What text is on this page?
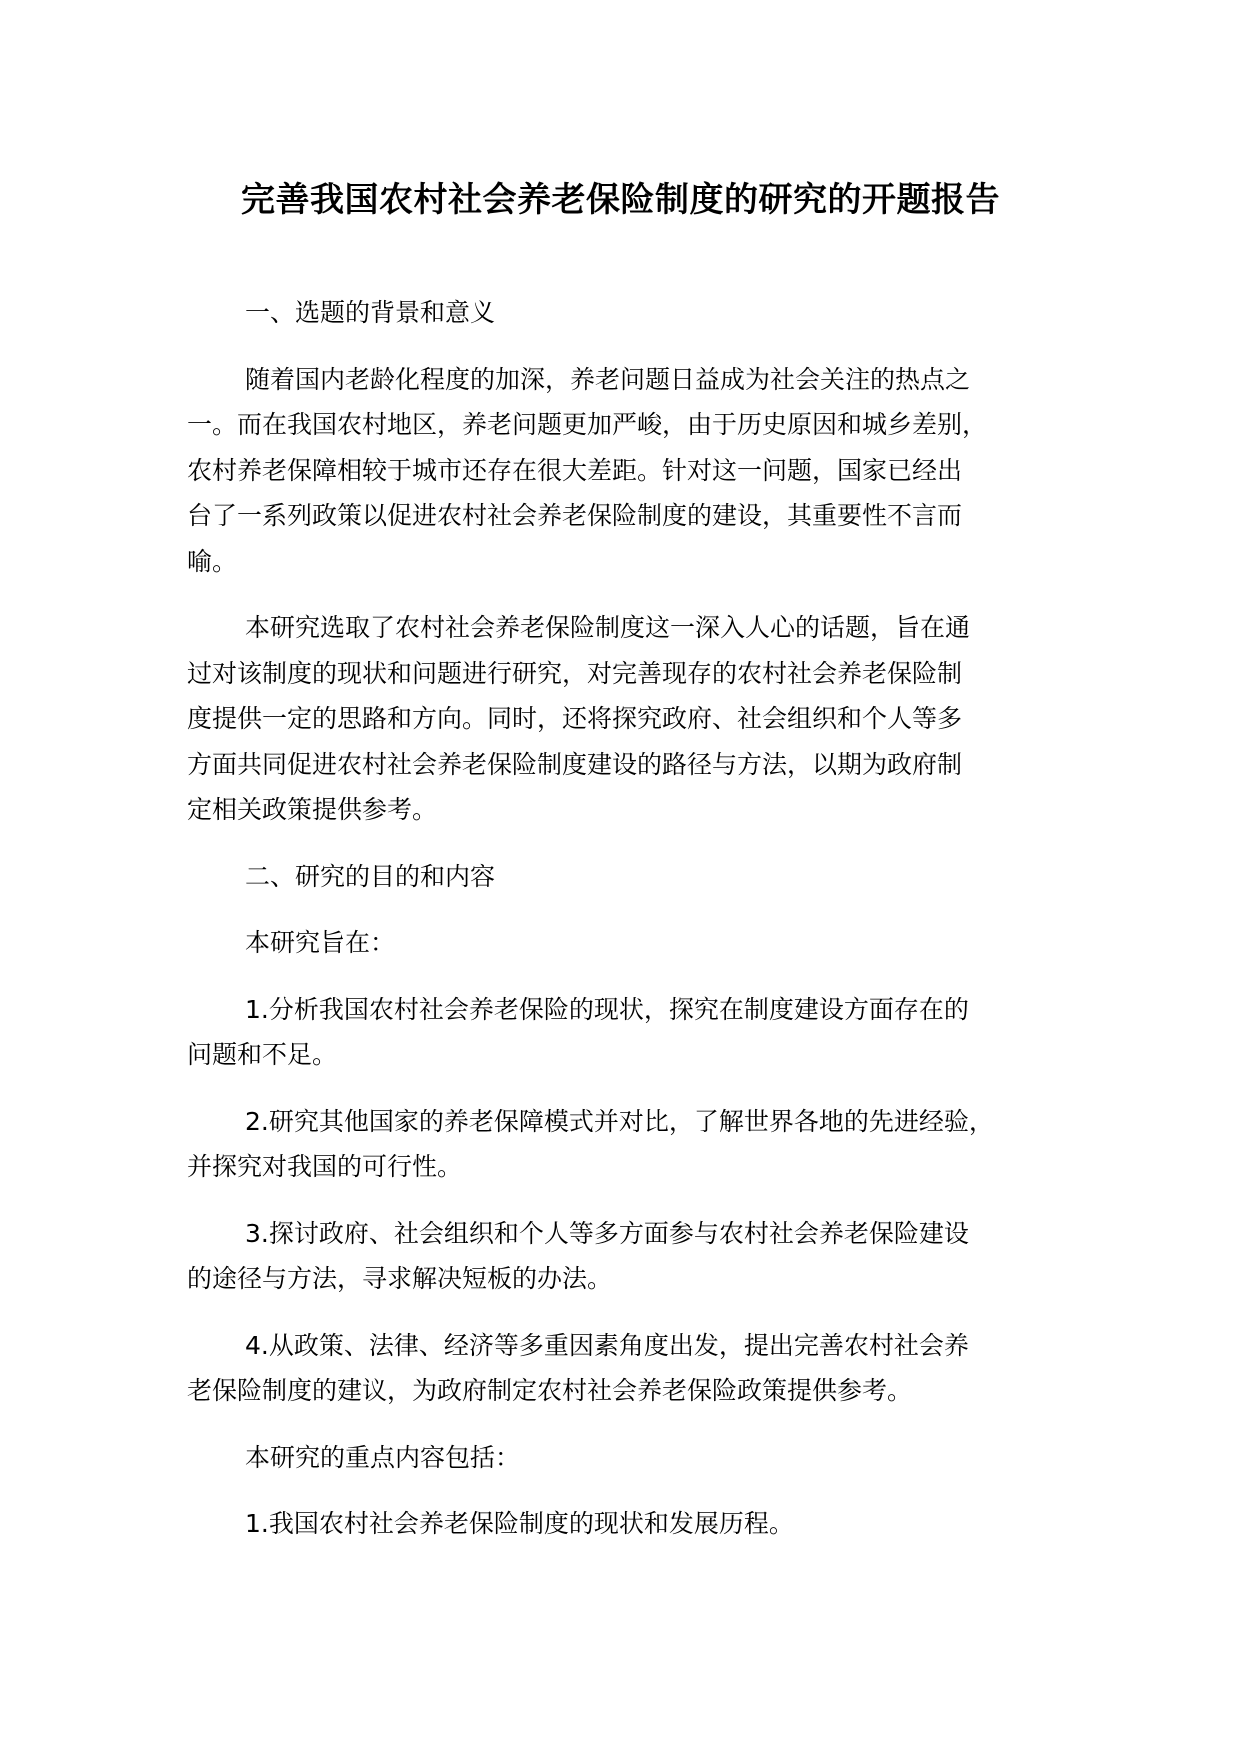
完善我国农村社会养老保险制度的研究的开题报告

一、选题的背景和意义

随着国内老龄化程度的加深，养老问题日益成为社会关注的热点之
一。而在我国农村地区，养老问题更加严峻，由于历史原因和城乡差别，
农村养老保障相较于城市还存在很大差距。针对这一问题，国家已经出
台了一系列政策以促进农村社会养老保险制度的建设，其重要性不言而
喻。

本研究选取了农村社会养老保险制度这一深入人心的话题，旨在通
过对该制度的现状和问题进行研究，对完善现存的农村社会养老保险制
度提供一定的思路和方向。同时，还将探究政府、社会组织和个人等多
方面共同促进农村社会养老保险制度建设的路径与方法，以期为政府制
定相关政策提供参考。

二、研究的目的和内容

本研究旨在：

1.分析我国农村社会养老保险的现状，探究在制度建设方面存在的
问题和不足。

2.研究其他国家的养老保障模式并对比，了解世界各地的先进经验，
并探究对我国的可行性。

3.探讨政府、社会组织和个人等多方面参与农村社会养老保险建设
的途径与方法，寻求解决短板的办法。

4.从政策、法律、经济等多重因素角度出发，提出完善农村社会养
老保险制度的建议，为政府制定农村社会养老保险政策提供参考。

本研究的重点内容包括：

1.我国农村社会养老保险制度的现状和发展历程。
